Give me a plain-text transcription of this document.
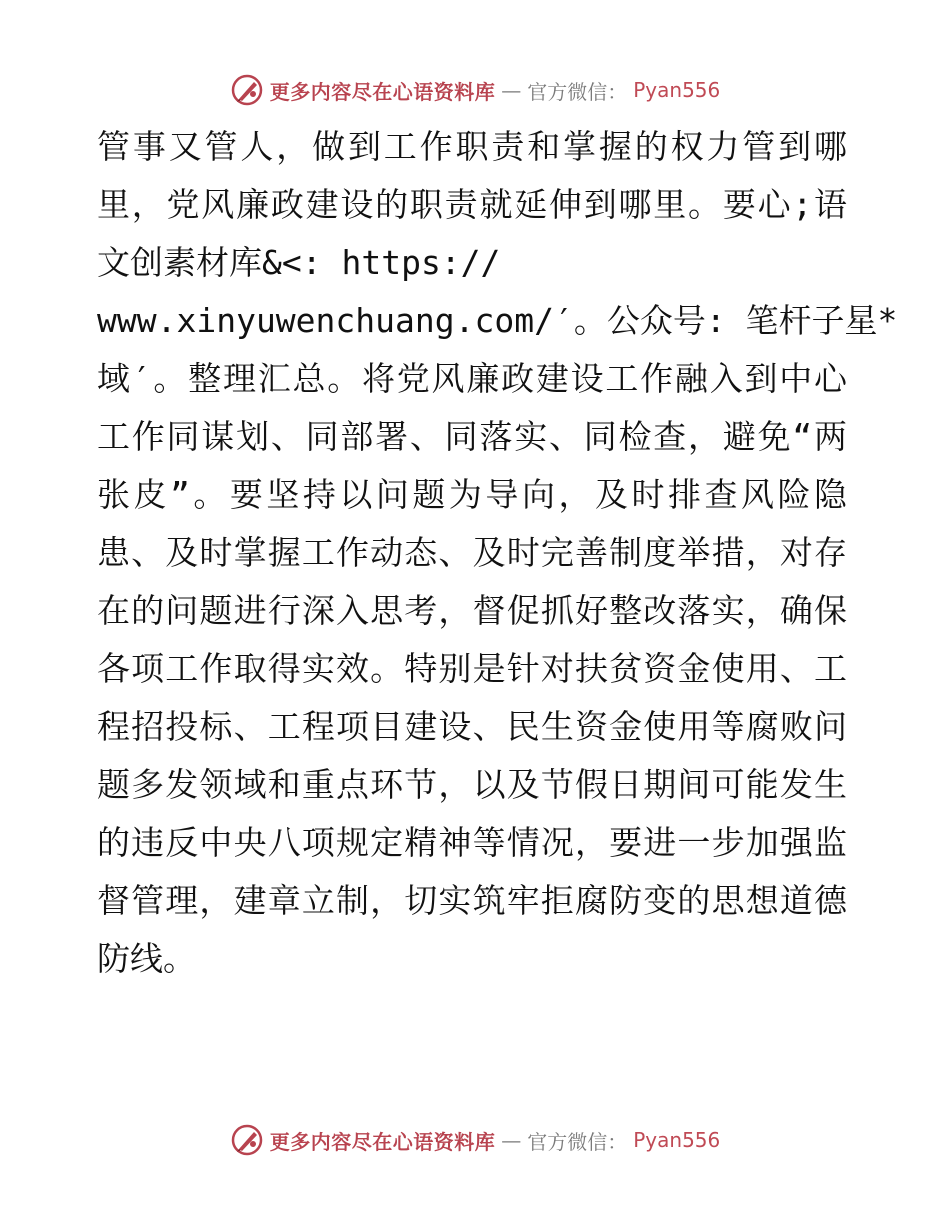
更多内容尽在心语资料库 — 官方微信： Pyan556
管事又管人，做到工作职责和掌握的权力管到哪
里，党风廉政建设的职责就延伸到哪里。要心;语
文创素材库&<: https://
www.xinyuwenchuang.com/′。公众号: 笔杆子星*
域′。整理汇总。将党风廉政建设工作融入到中心
工作同谋划、同部署、同落实、同检查，避免“两
张皮”。要坚持以问题为导向，及时排查风险隐
患、及时掌握工作动态、及时完善制度举措，对存
在的问题进行深入思考，督促抓好整改落实，确保
各项工作取得实效。特别是针对扶贫资金使用、工
程招投标、工程项目建设、民生资金使用等腐败问
题多发领域和重点环节，以及节假日期间可能发生
的违反中央八项规定精神等情况，要进一步加强监
督管理，建章立制，切实筑牢拒腐防变的思想道德
防线。
更多内容尽在心语资料库 — 官方微信： Pyan556
